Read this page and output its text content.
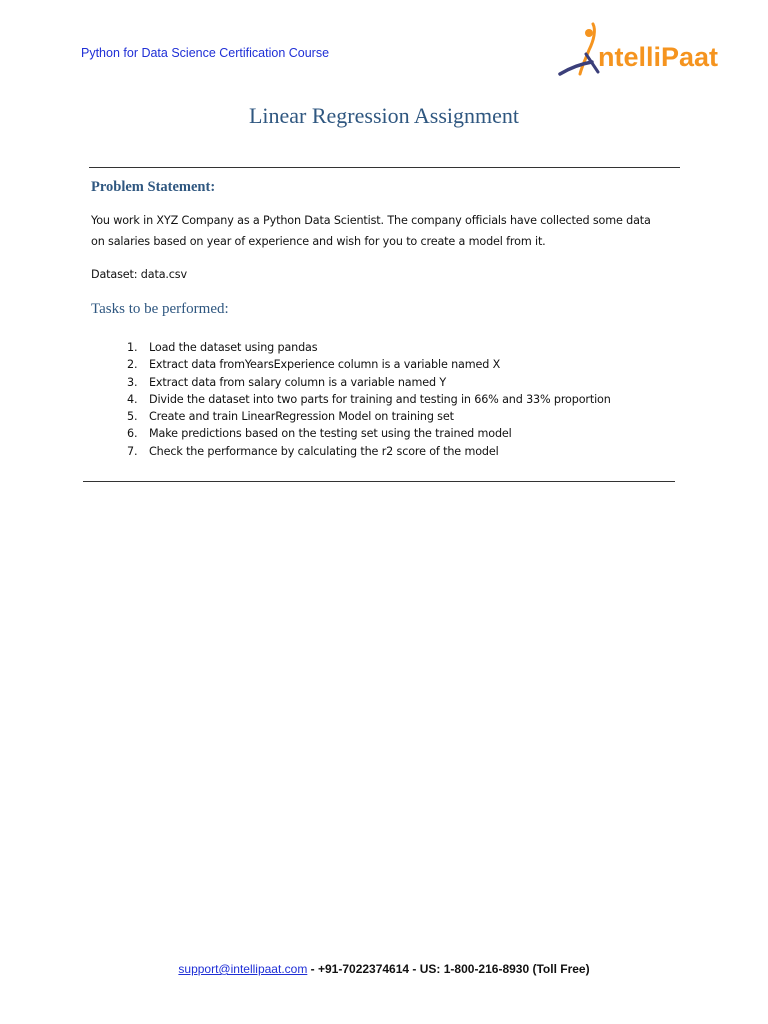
Python for Data Science Certification Course	ntelliPaat
Linear Regression Assignment
Problem Statement:
You work in XYZ Company as a Python Data Scientist. The company officials have collected some data
on salaries based on year of experience and wish for you to create a model from it.
Dataset: data.csv
Tasks to be performed:
1. Load the dataset using pandas
2. Extract data fromYearsExperience column is a variable named X
3. Extract data from salary column is a variable named Y
4. Divide the dataset into two parts for training and testing in 66% and 33% proportion
5. Create and train LinearRegression Model on training set
6. Make predictions based on the testing set using the trained model
7. Check the performance by calculating the r2 score of the model
support@intellipaat.com - +91-7022374614 - US: 1-800-216-8930 (Toll Free)
